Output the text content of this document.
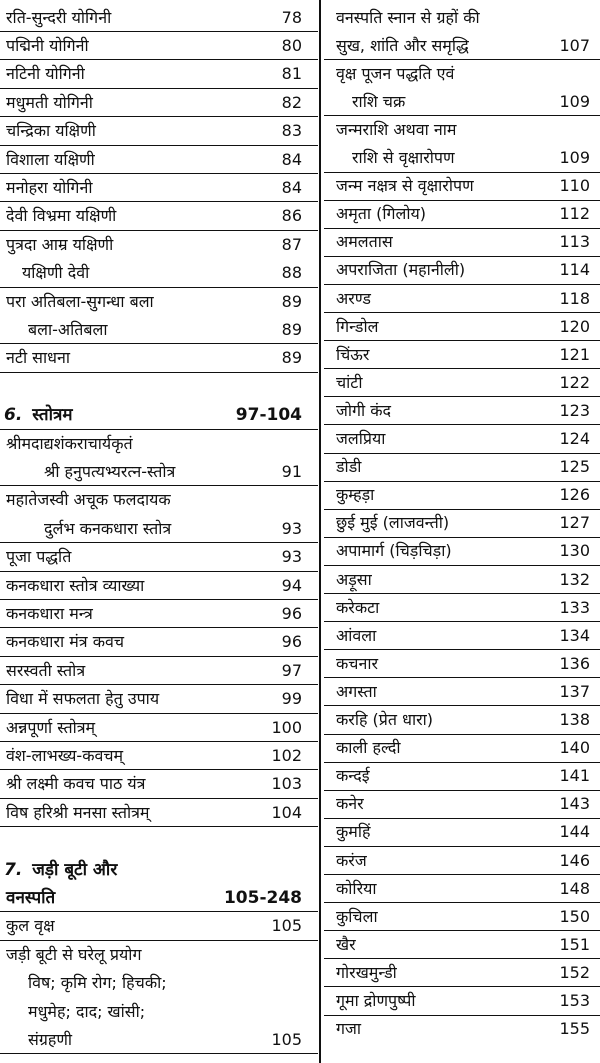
रति-सुन्दरी योगिनी	78
पद्मिनी योगिनी	80
नटिनी योगिनी	81
मधुमती योगिनी	82
चन्द्रिका यक्षिणी	83
विशाला यक्षिणी	84
मनोहरा योगिनी	84
देवी विभ्रमा यक्षिणी	86
पुत्रदा आम्र यक्षिणी	87
यक्षिणी देवी	88
परा अतिबला-सुगन्धा बला	89
बला-अतिबला	89
नटी साधना	89
6. स्तोत्रम	97-104
श्रीमदाद्यशंकराचार्यकृतं
श्री हनुपत्यभ्यरत्न-स्तोत्र	91
महातेजस्वी अचूक फलदायक
दुर्लभ कनकधारा स्तोत्र	93
पूजा पद्धति	93
कनकधारा स्तोत्र व्याख्या	94
कनकधारा मन्त्र	96
कनकधारा मंत्र कवच	96
सरस्वती स्तोत्र	97
विधा में सफलता हेतु उपाय	99
अन्नपूर्णा स्तोत्रम्	100
वंश-लाभख्य-कवचम्	102
श्री लक्ष्मी कवच पाठ यंत्र	103
विष हरिश्री मनसा स्तोत्रम्	104
7. जड़ी बूटी और
वनस्पति	105-248
कुल वृक्ष	105
जड़ी बूटी से घरेलू प्रयोग
विष; कृमि रोग; हिचकी;
मधुमेह; दाद; खांसी;
संग्रहणी	105
वनस्पति स्नान से ग्रहों की
सुख, शांति और समृद्धि	107
वृक्ष पूजन पद्धति एवं
राशि चक्र	109
जन्मराशि अथवा नाम
राशि से वृक्षारोपण	109
जन्म नक्षत्र से वृक्षारोपण	110
अमृता (गिलोय)	112
अमलतास	113
अपराजिता (महानीली)	114
अरण्ड	118
गिन्डोल	120
चिंऊर	121
चांटी	122
जोगी कंद	123
जलप्रिया	124
डोडी	125
कुम्हड़ा	126
छुई मुई (लाजवन्ती)	127
अपामार्ग (चिड़चिड़ा)	130
अड़ूसा	132
करेकटा	133
आंवला	134
कचनार	136
अगस्ता	137
करहि (प्रेत धारा)	138
काली हल्दी	140
कन्दई	141
कनेर	143
कुमहिं	144
करंज	146
कोरिया	148
कुचिला	150
खैर	151
गोरखमुन्डी	152
गूमा द्रोणपुष्पी	153
गजा	155
